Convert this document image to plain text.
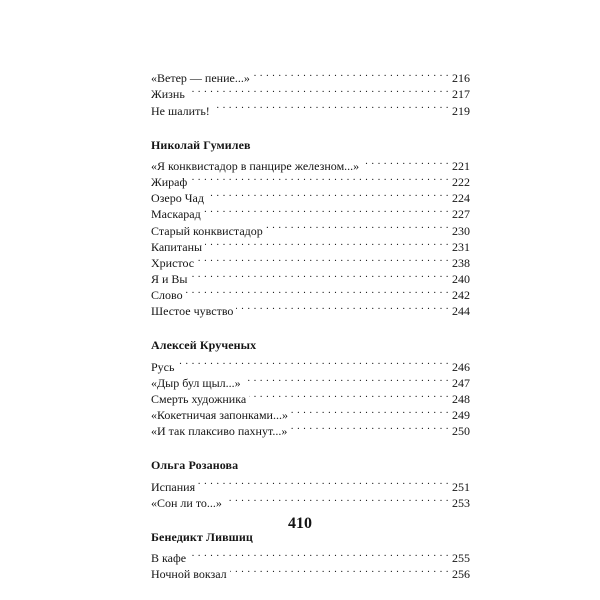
«Ветер — пение...» . . .	216
Жизнь . . .	217
Не шалить! . . .	219
Николай Гумилев
«Я конквистадор в панцире железном...» . . .	221
Жираф . . .	222
Озеро Чад . . .	224
Маскарад . . .	227
Старый конквистадор . . .	230
Капитаны . . .	231
Христос . . .	238
Я и Вы . . .	240
Слово . . .	242
Шестое чувство . . .	244
Алексей Крученых
Русь . . .	246
«Дыр бул щыл...» . . .	247
Смерть художника . . .	248
«Кокетничая запонками...» . . .	249
«И так плаксиво пахнут...» . . .	250
Ольга Розанова
Испания . . .	251
«Сон ли то...» . . .	253
Бенедикт Лившиц
В кафе . . .	255
Ночной вокзал . . .	256
410
